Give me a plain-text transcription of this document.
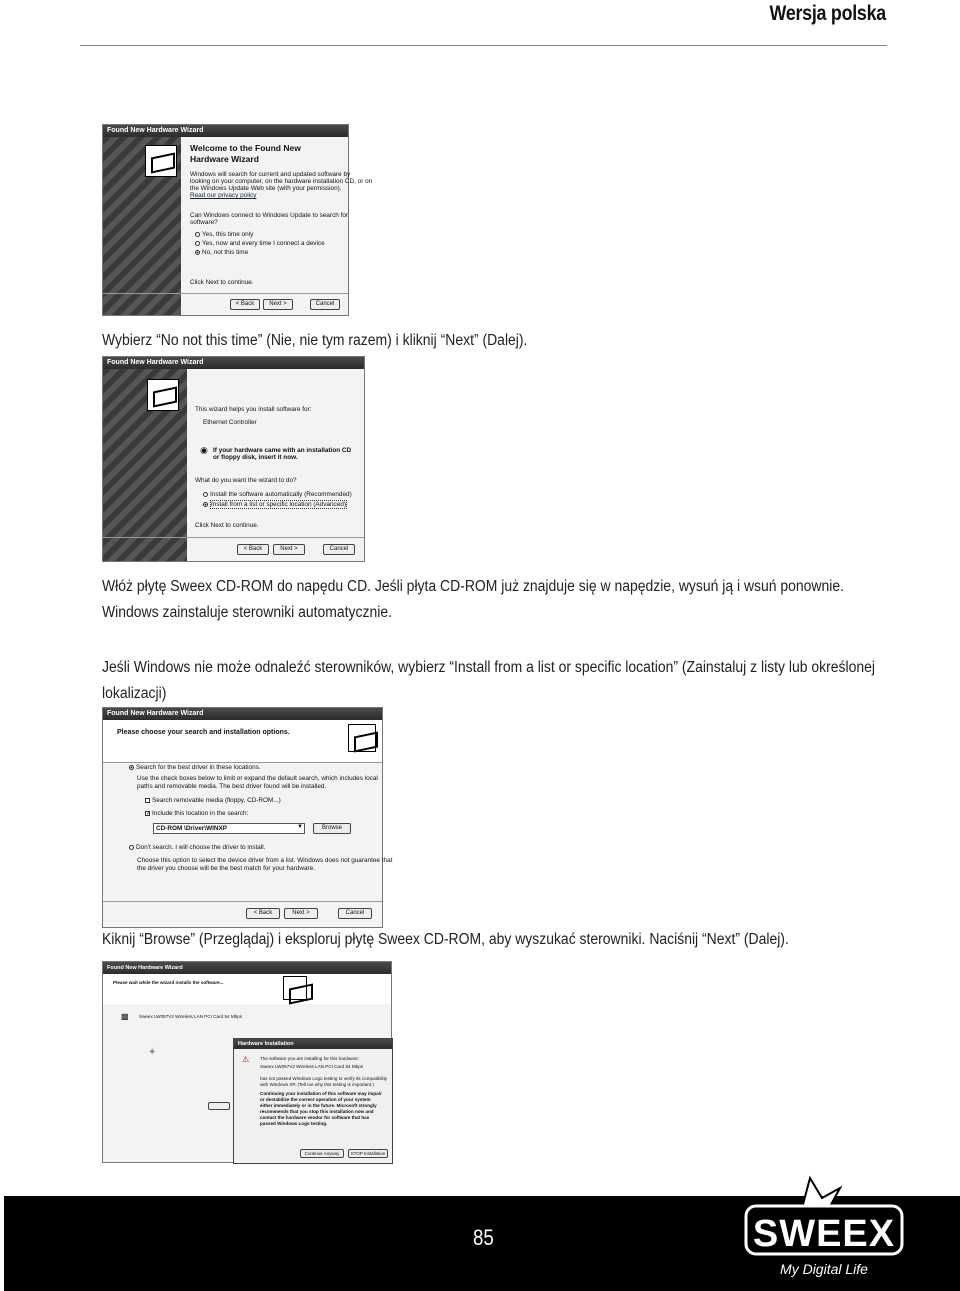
Wersja polska
Found New Hardware Wizard
Welcome to the Found New
Hardware Wizard
Windows will search for current and updated software by
looking on your computer, on the hardware installation CD, or on
the Windows Update Web site (with your permission).
Read our privacy policy
Can Windows connect to Windows Update to search for
software?
Yes, this time only
Yes, now and every time I connect a device
No, not this time
Click Next to continue.
< Back	Next >	Cancel
Wybierz “No not this time” (Nie, nie tym razem) i kliknij “Next” (Dalej).
Found New Hardware Wizard
This wizard helps you install software for:
Ethernet Controller
◉ If your hardware came with an installation CD
or floppy disk, insert it now.
What do you want the wizard to do?
Install the software automatically (Recommended)
Install from a list or specific location (Advanced)
Click Next to continue.
< Back	Next >	Cancel
Włóż płytę Sweex CD-ROM do napędu CD. Jeśli płyta CD-ROM już znajduje się w napędzie, wysuń ją i wsuń ponownie. Windows zainstaluje sterowniki automatycznie.
Jeśli Windows nie może odnaleźć sterowników, wybierz “Install from a list or specific location” (Zainstaluj z listy lub określonej lokalizacji)
Found New Hardware Wizard
Please choose your search and installation options.
Search for the best driver in these locations.
Use the check boxes below to limit or expand the default search, which includes local
paths and removable media. The best driver found will be installed.
Search removable media (floppy, CD-ROM...)
✓Include this location in the search:
CD-ROM \Driver\WINXP	▼	Browse
Don't search. I will choose the driver to install.
Choose this option to select the device driver from a list. Windows does not guarantee that
the driver you choose will be the best match for your hardware.
< Back	Next >	Cancel
Kiknij “Browse” (Przeglądaj) i eksploruj płytę Sweex CD-ROM, aby wyszukać sterowniki. Naciśnij “Next” (Dalej).
Found New Hardware Wizard
Please wait while the wizard installs the software...
▩ Sweex LW057V2 Wireless LAN PCI Card 54 Mbps
✦
Hardware Installation
⚠ The software you are installing for this hardware:
Sweex LW057V2 Wireless LAN PCI Card 54 Mbps
has not passed Windows Logo testing to verify its compatibility
with Windows XP. (Tell me why this testing is important.)
Continuing your installation of this software may impair
or destabilize the correct operation of your system
either immediately or in the future. Microsoft strongly
recommends that you stop this installation now and
contact the hardware vendor for software that has
passed Windows Logo testing.
Continue Anyway	STOP Installation
85	SWEEX
My Digital Life
